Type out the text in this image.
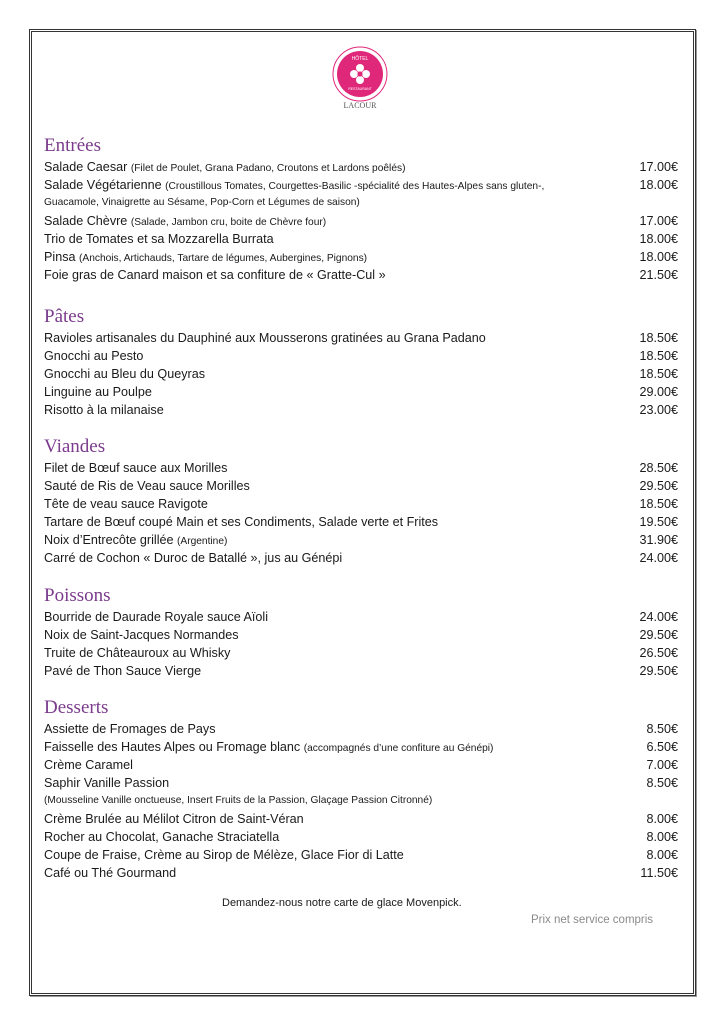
HÔTEL
RESTAURANT
LACOUR
Entrées
Salade Caesar (Filet de Poulet, Grana Padano, Croutons et Lardons poêlés)	17.00€
Salade Végétarienne (Croustillous Tomates, Courgettes-Basilic -spécialité des Hautes-Alpes sans gluten-,	18.00€
Guacamole, Vinaigrette au Sésame, Pop-Corn et Légumes de saison)
Salade Chèvre (Salade, Jambon cru, boite de Chèvre four)	17.00€
Trio de Tomates et sa Mozzarella Burrata	18.00€
Pinsa (Anchois, Artichauds, Tartare de légumes, Aubergines, Pignons)	18.00€
Foie gras de Canard maison et sa confiture de « Gratte-Cul »	21.50€
Pâtes
Ravioles artisanales du Dauphiné aux Mousserons gratinées au Grana Padano	18.50€
Gnocchi au Pesto	18.50€
Gnocchi au Bleu du Queyras	18.50€
Linguine au Poulpe	29.00€
Risotto à la milanaise	23.00€
Viandes
Filet de Bœuf sauce aux Morilles	28.50€
Sauté de Ris de Veau sauce Morilles	29.50€
Tête de veau sauce Ravigote	18.50€
Tartare de Bœuf coupé Main et ses Condiments, Salade verte et Frites	19.50€
Noix d’Entrecôte grillée (Argentine)	31.90€
Carré de Cochon « Duroc de Batallé », jus au Génépi	24.00€
Poissons
Bourride de Daurade Royale sauce Aïoli	24.00€
Noix de Saint-Jacques Normandes	29.50€
Truite de Châteauroux au Whisky	26.50€
Pavé de Thon Sauce Vierge	29.50€
Desserts
Assiette de Fromages de Pays	8.50€
Faisselle des Hautes Alpes ou Fromage blanc (accompagnés d’une confiture au Génépi)	6.50€
Crème Caramel	7.00€
Saphir Vanille Passion	8.50€
(Mousseline Vanille onctueuse, Insert Fruits de la Passion, Glaçage Passion Citronné)
Crème Brulée au Mélilot Citron de Saint-Véran	8.00€
Rocher au Chocolat, Ganache Straciatella	8.00€
Coupe de Fraise, Crème au Sirop de Mélèze, Glace Fior di Latte	8.00€
Café ou Thé Gourmand	11.50€
Demandez-nous notre carte de glace Movenpick.
Prix net service compris
